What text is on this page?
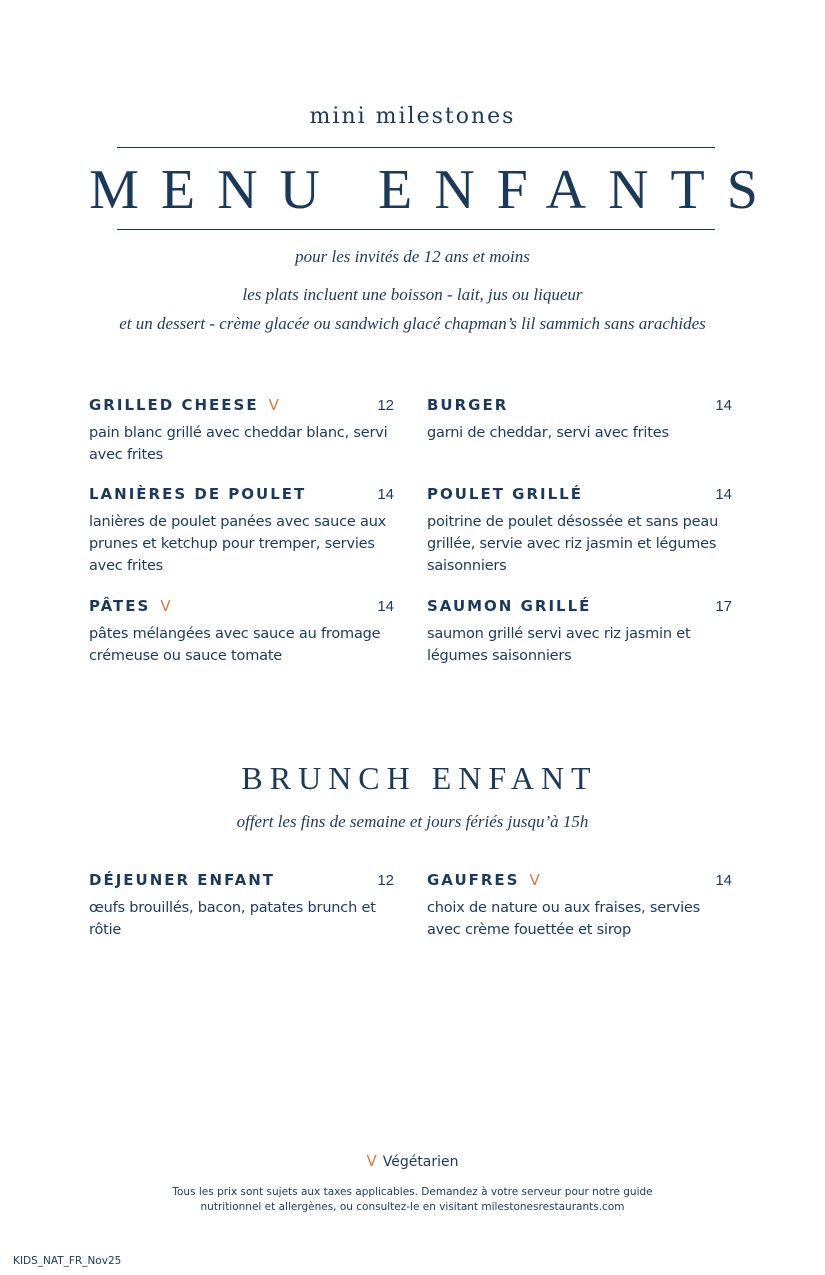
mini milestones
MENU ENFANTS
pour les invités de 12 ans et moins
les plats incluent une boisson - lait, jus ou liqueur
et un dessert - crème glacée ou sandwich glacé chapman’s lil sammich sans arachides
GRILLED CHEESE V	12
pain blanc grillé avec cheddar blanc, servi avec frites
BURGER	14
garni de cheddar, servi avec frites
LANIÈRES DE POULET	14
lanières de poulet panées avec sauce aux prunes et ketchup pour tremper, servies avec frites
POULET GRILLÉ	14
poitrine de poulet désossée et sans peau grillée, servie avec riz jasmin et légumes saisonniers
PÂTES V	14
pâtes mélangées avec sauce au fromage crémeuse ou sauce tomate
SAUMON GRILLÉ	17
saumon grillé servi avec riz jasmin et légumes saisonniers
BRUNCH ENFANT
offert les fins de semaine et jours fériés jusqu’à 15h
DÉJEUNER ENFANT	12
œufs brouillés, bacon, patates brunch et rôtie
GAUFRES V	14
choix de nature ou aux fraises, servies avec crème fouettée et sirop
V Végétarien
Tous les prix sont sujets aux taxes applicables. Demandez à votre serveur pour notre guide
nutritionnel et allergènes, ou consultez-le en visitant milestonesrestaurants.com
KIDS_NAT_FR_Nov25
